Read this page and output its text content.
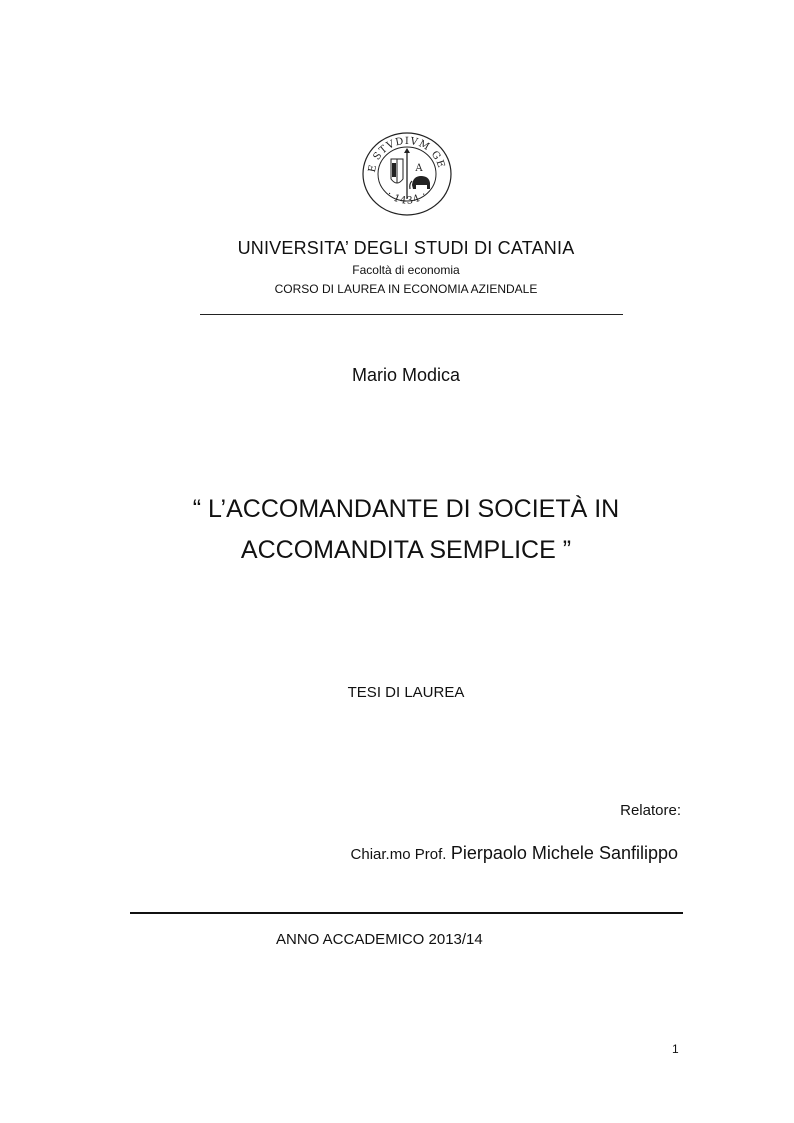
E STVDIVM GE
· 1434 ·
A
UNIVERSITA’ DEGLI STUDI DI CATANIA
Facoltà di economia
CORSO DI LAUREA IN ECONOMIA AZIENDALE
Mario Modica
“ L’ACCOMANDANTE DI SOCIETÀ IN
ACCOMANDITA SEMPLICE ”
TESI DI LAUREA
Relatore:
Chiar.mo Prof. Pierpaolo Michele Sanfilippo
ANNO ACCADEMICO 2013/14
1
